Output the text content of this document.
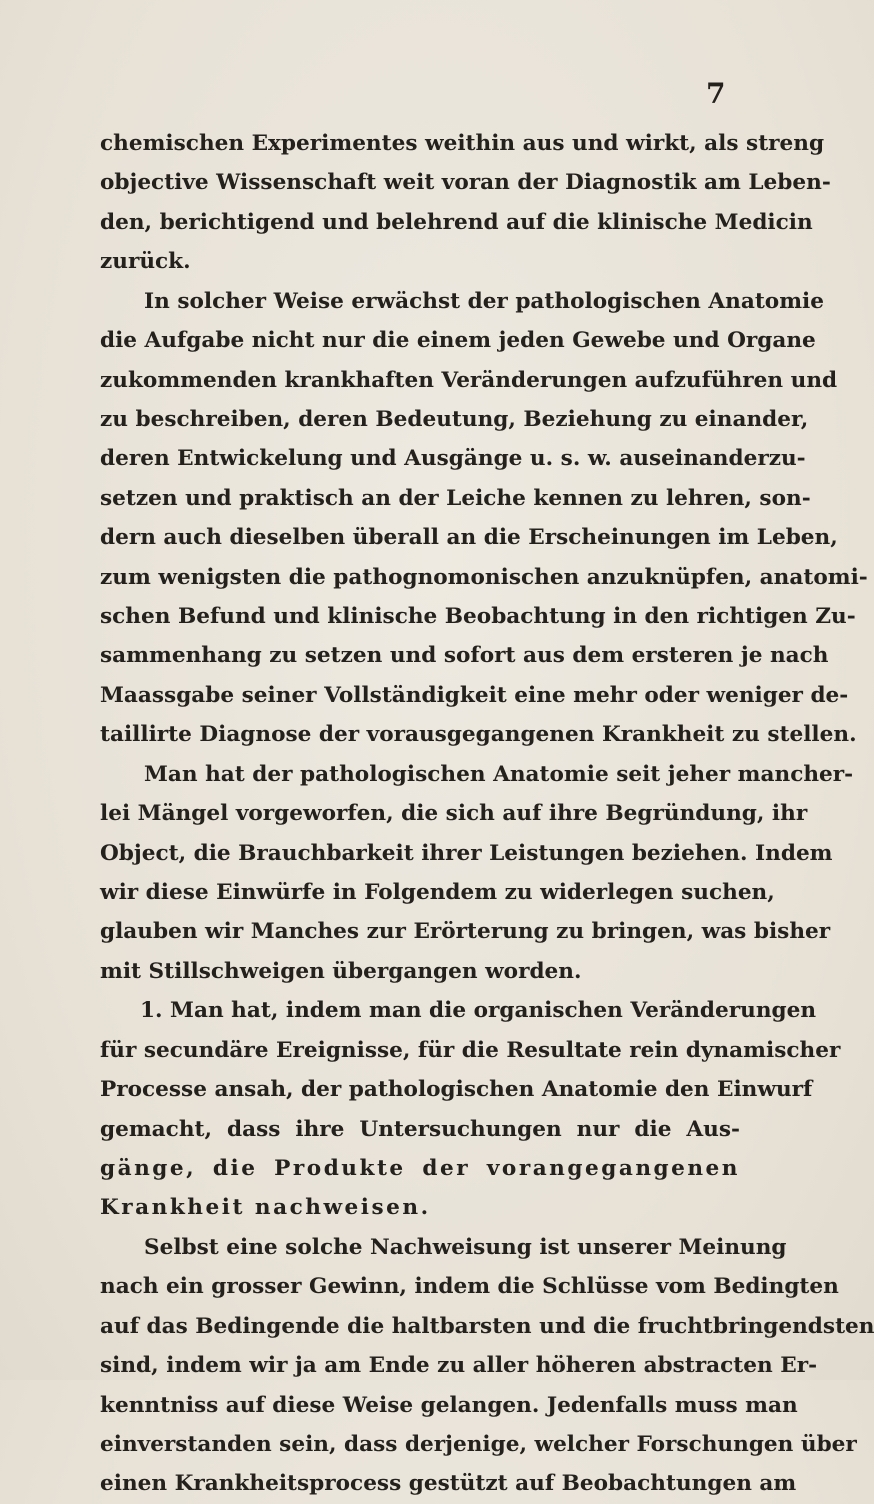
7
chemischen Experimentes weithin aus und wirkt, als streng
objective Wissenschaft weit voran der Diagnostik am Leben-
den, berichtigend und belehrend auf die klinische Medicin
zurück.
In solcher Weise erwächst der pathologischen Anatomie
die Aufgabe nicht nur die einem jeden Gewebe und Organe
zukommenden krankhaften Veränderungen aufzuführen und
zu beschreiben, deren Bedeutung, Beziehung zu einander,
deren Entwickelung und Ausgänge u. s. w. auseinanderzu-
setzen und praktisch an der Leiche kennen zu lehren, son-
dern auch dieselben überall an die Erscheinungen im Leben,
zum wenigsten die pathognomonischen anzuknüpfen, anatomi-
schen Befund und klinische Beobachtung in den richtigen Zu-
sammenhang zu setzen und sofort aus dem ersteren je nach
Maassgabe seiner Vollständigkeit eine mehr oder weniger de-
taillirte Diagnose der vorausgegangenen Krankheit zu stellen.
Man hat der pathologischen Anatomie seit jeher mancher-
lei Mängel vorgeworfen, die sich auf ihre Begründung, ihr
Object, die Brauchbarkeit ihrer Leistungen beziehen. Indem
wir diese Einwürfe in Folgendem zu widerlegen suchen,
glauben wir Manches zur Erörterung zu bringen, was bisher
mit Stillschweigen übergangen worden.
1. Man hat, indem man die organischen Veränderungen
für secundäre Ereignisse, für die Resultate rein dynamischer
Processe ansah, der pathologischen Anatomie den Einwurf
gemacht, dass ihre Untersuchungen nur die Aus-
gänge, die Produkte der vorangegangenen
Krankheit nachweisen.
Selbst eine solche Nachweisung ist unserer Meinung
nach ein grosser Gewinn, indem die Schlüsse vom Bedingten
auf das Bedingende die haltbarsten und die fruchtbringendsten
sind, indem wir ja am Ende zu aller höheren abstracten Er-
kenntniss auf diese Weise gelangen. Jedenfalls muss man
einverstanden sein, dass derjenige, welcher Forschungen über
einen Krankheitsprocess gestützt auf Beobachtungen am
